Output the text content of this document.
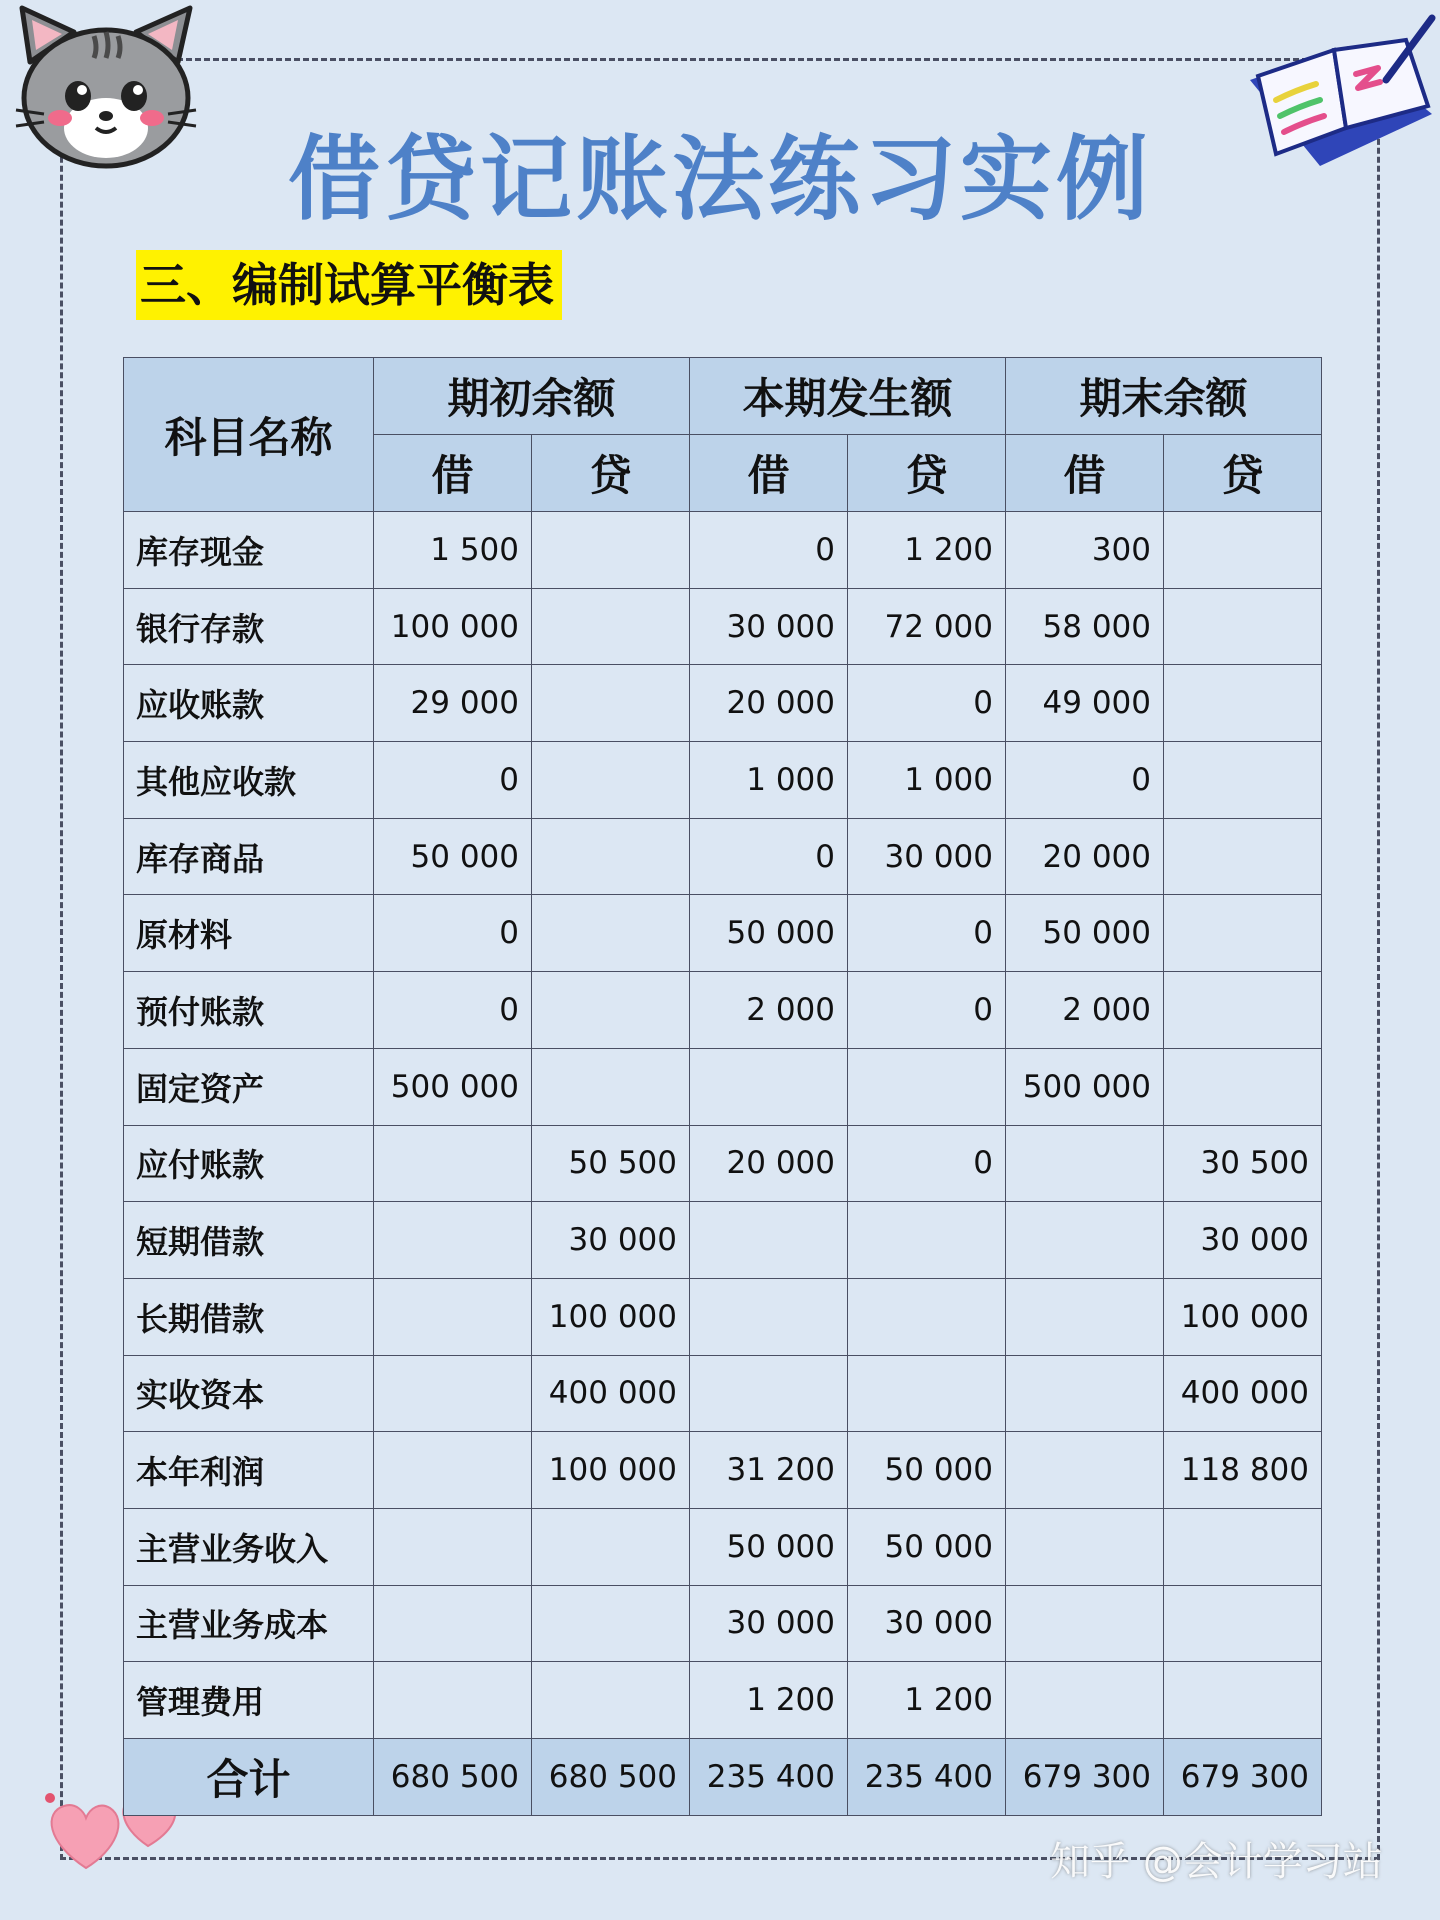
借贷记账法练习实例
三、编制试算平衡表
科目名称	期初余额		本期发生额		期末余额	
	借	贷	借	贷	借	贷
库存现金	1 500		0	1 200	300	
银行存款	100 000		30 000	72 000	58 000	
应收账款	29 000		20 000	0	49 000	
其他应收款	0		1 000	1 000	0	
库存商品	50 000		0	30 000	20 000	
原材料	0		50 000	0	50 000	
预付账款	0		2 000	0	2 000	
固定资产	500 000				500 000	
应付账款		50 500	20 000	0		30 500
短期借款		30 000				30 000
长期借款		100 000				100 000
实收资本		400 000				400 000
本年利润		100 000	31 200	50 000		118 800
主营业务收入			50 000	50 000		
主营业务成本			30 000	30 000		
管理费用			1 200	1 200		
合计	680 500	680 500	235 400	235 400	679 300	679 300
知乎 @会计学习站
